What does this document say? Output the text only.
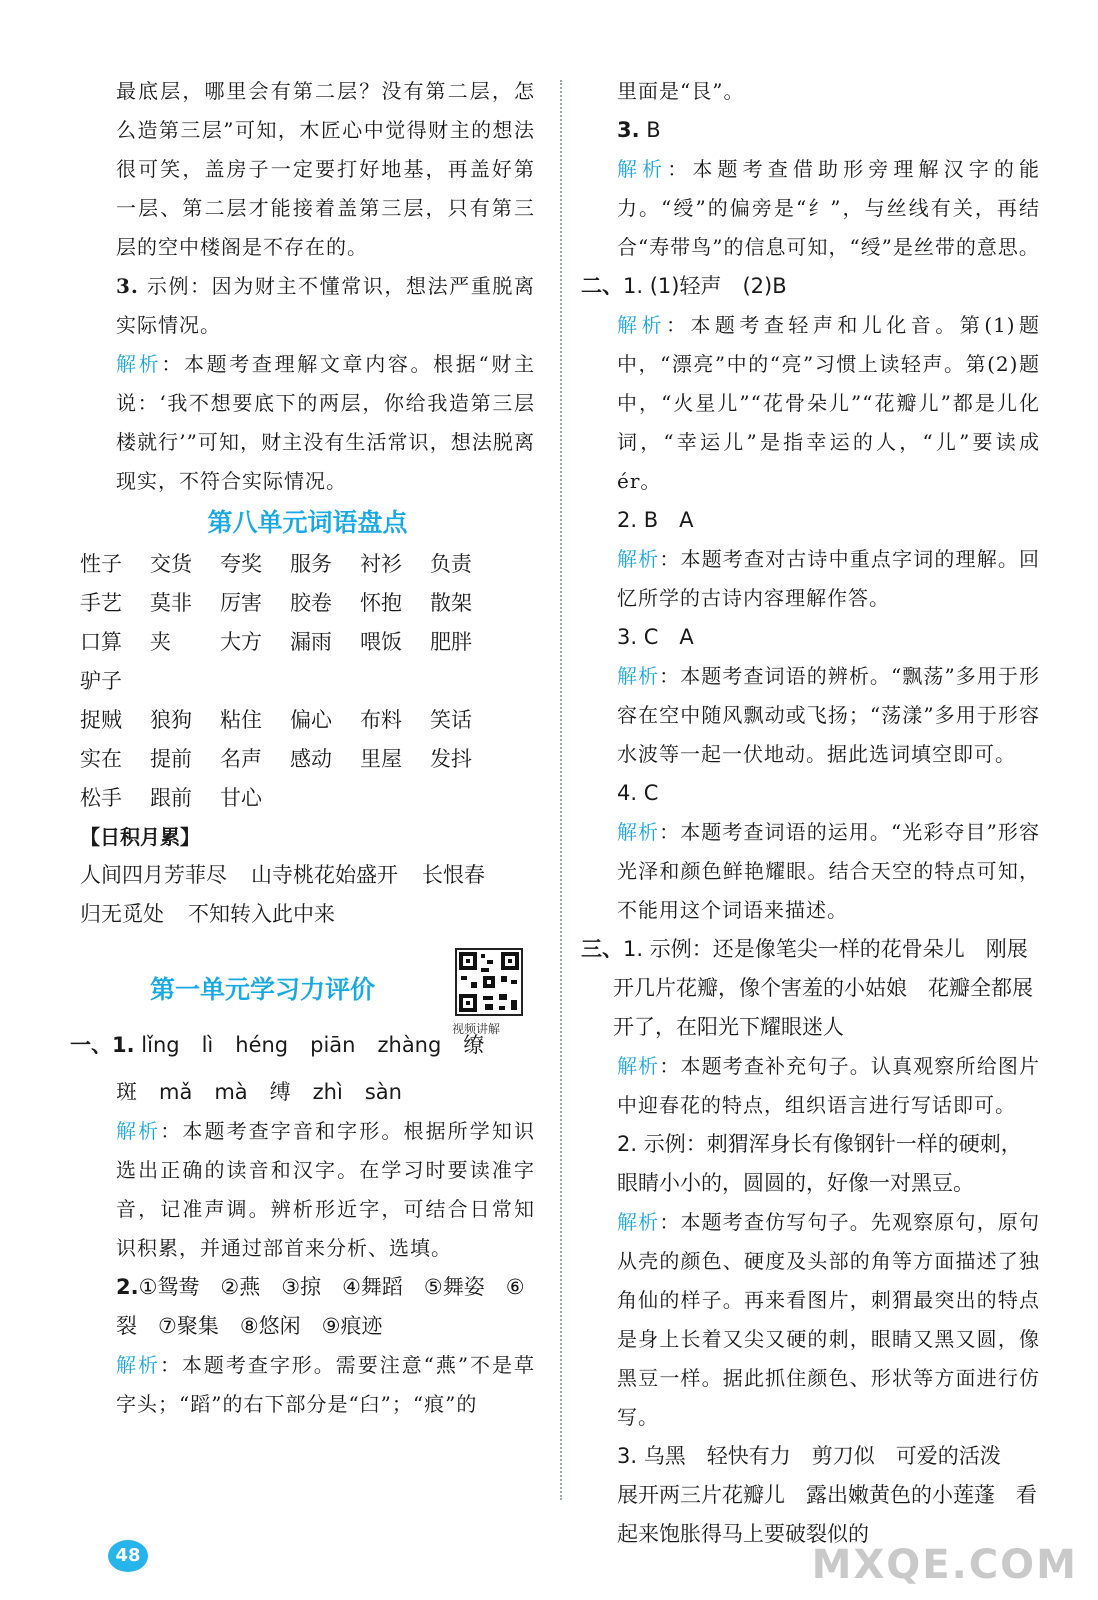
最底层，哪里会有第二层？没有第二层，怎么造第三层”可知，木匠心中觉得财主的想法很可笑，盖房子一定要打好地基，再盖好第一层、第二层才能接着盖第三层，只有第三层的空中楼阁是不存在的。

3. 示例：因为财主不懂常识，想法严重脱离实际情况。

解析：本题考查理解文章内容。根据“财主说：‘我不想要底下的两层，你给我造第三层楼就行’”可知，财主没有生活常识，想法脱离现实，不符合实际情况。

第八单元词语盘点
性子 交货 夸奖 服务 衬衫 负责
手艺 莫非 厉害 胶卷 怀抱 散架
口算 夹 大方 漏雨 喂饭 肥胖驴子
捉贼 狼狗 粘住 偏心 布料 笑话
实在 提前 名声 感动 里屋 发抖
松手 跟前 甘心
【日积月累】
人间四月芳菲尽 山寺桃花始盛开 长恨春
归无觅处 不知转入此中来
第一单元学习力评价
一、1. lǐng lì héng piān zhàng 缭
斑 mǎ mà 缚 zhì sàn

解析：本题考查字音和字形。根据所学知识选出正确的读音和汉字。在学习时要读准字音，记准声调。辨析形近字，可结合日常知识积累，并通过部首来分析、选填。

2.①鸳鸯　②燕　③掠　④舞蹈　⑤舞姿　⑥裂　⑦聚集　⑧悠闲　⑨痕迹

解析：本题考查字形。需要注意“燕”不是草字头；“蹈”的右下部分是“臼”；“痕”的

视频讲解

里面是“艮”。

3. B

解析：本题考查借助形旁理解汉字的能力。“绶”的偏旁是“纟”，与丝线有关，再结合“寿带鸟”的信息可知，“绶”是丝带的意思。

二、1. (1)轻声　(2)B

解析：本题考查轻声和儿化音。第(1)题中，“漂亮”中的“亮”习惯上读轻声。第(2)题中，“火星儿”“花骨朵儿”“花瓣儿”都是儿化词，“幸运儿”是指幸运的人，“儿”要读成 ér。

2. B　A

解析：本题考查对古诗中重点字词的理解。回忆所学的古诗内容理解作答。

3. C　A

解析：本题考查词语的辨析。“飘荡”多用于形容在空中随风飘动或飞扬；“荡漾”多用于形容水波等一起一伏地动。据此选词填空即可。

4. C

解析：本题考查词语的运用。“光彩夺目”形容光泽和颜色鲜艳耀眼。结合天空的特点可知，不能用这个词语来描述。

三、1. 示例：还是像笔尖一样的花骨朵儿　刚展开几片花瓣，像个害羞的小姑娘　花瓣全都展开了，在阳光下耀眼迷人

解析：本题考查补充句子。认真观察所给图片中迎春花的特点，组织语言进行写话即可。

2. 示例：刺猬浑身长有像钢针一样的硬刺，眼睛小小的，圆圆的，好像一对黑豆。

解析：本题考查仿写句子。先观察原句，原句从壳的颜色、硬度及头部的角等方面描述了独角仙的样子。再来看图片，刺猬最突出的特点是身上长着又尖又硬的刺，眼睛又黑又圆，像黑豆一样。据此抓住颜色、形状等方面进行仿写。

3. 乌黑　轻快有力　剪刀似　可爱的活泼　展开两三片花瓣儿　露出嫩黄色的小莲蓬　看起来饱胀得马上要破裂似的

48	MXQE.COM
